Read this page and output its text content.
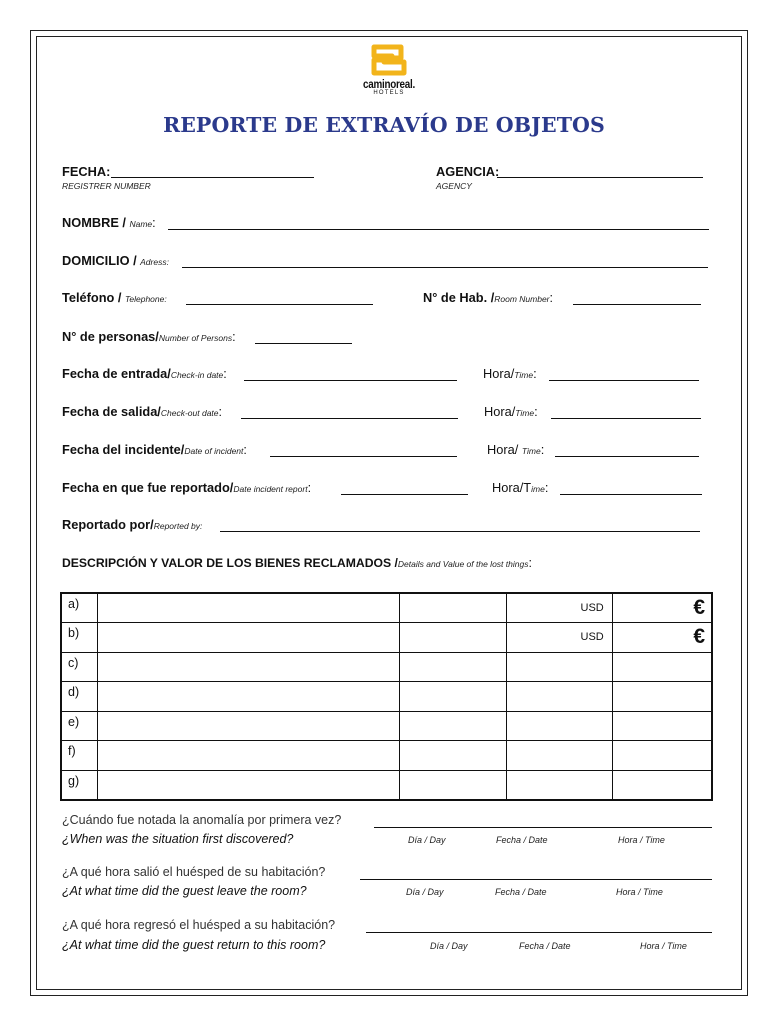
caminoreal.
HOTELS
REPORTE DE EXTRAVÍO DE OBJETOS
FECHA:
REGISTRER NUMBER
AGENCIA:
AGENCY
NOMBRE / Name:
DOMICILIO / Adress:
Teléfono / Telephone:	N° de Hab. /Room Number:
N° de personas/Number of Persons:
Fecha de entrada/Check-in date:	Hora/Time:
Fecha de salida/Check-out date:	Hora/Time:
Fecha del incidente/Date of incident:	Hora/ Time:
Fecha en que fue reportado/Date incident report:	Hora/Time:
Reportado por/Reported by:
DESCRIPCIÓN Y VALOR DE LOS BIENES RECLAMADOS /Details and Value of the lost things:
a)			USD	€
b)			USD	€
c)				
d)				
e)				
f)				
g)				
¿Cuándo fue notada la anomalía por primera vez?
¿When was the situation first discovered?	Día / Day	Fecha / Date	Hora / Time
¿A qué hora salió el huésped de su habitación?
¿At what time did the guest leave the room?	Día / Day	Fecha / Date	Hora / Time
¿A qué hora regresó el huésped a su habitación?
¿At what time did the guest return to this room?	Día / Day	Fecha / Date	Hora / Time
